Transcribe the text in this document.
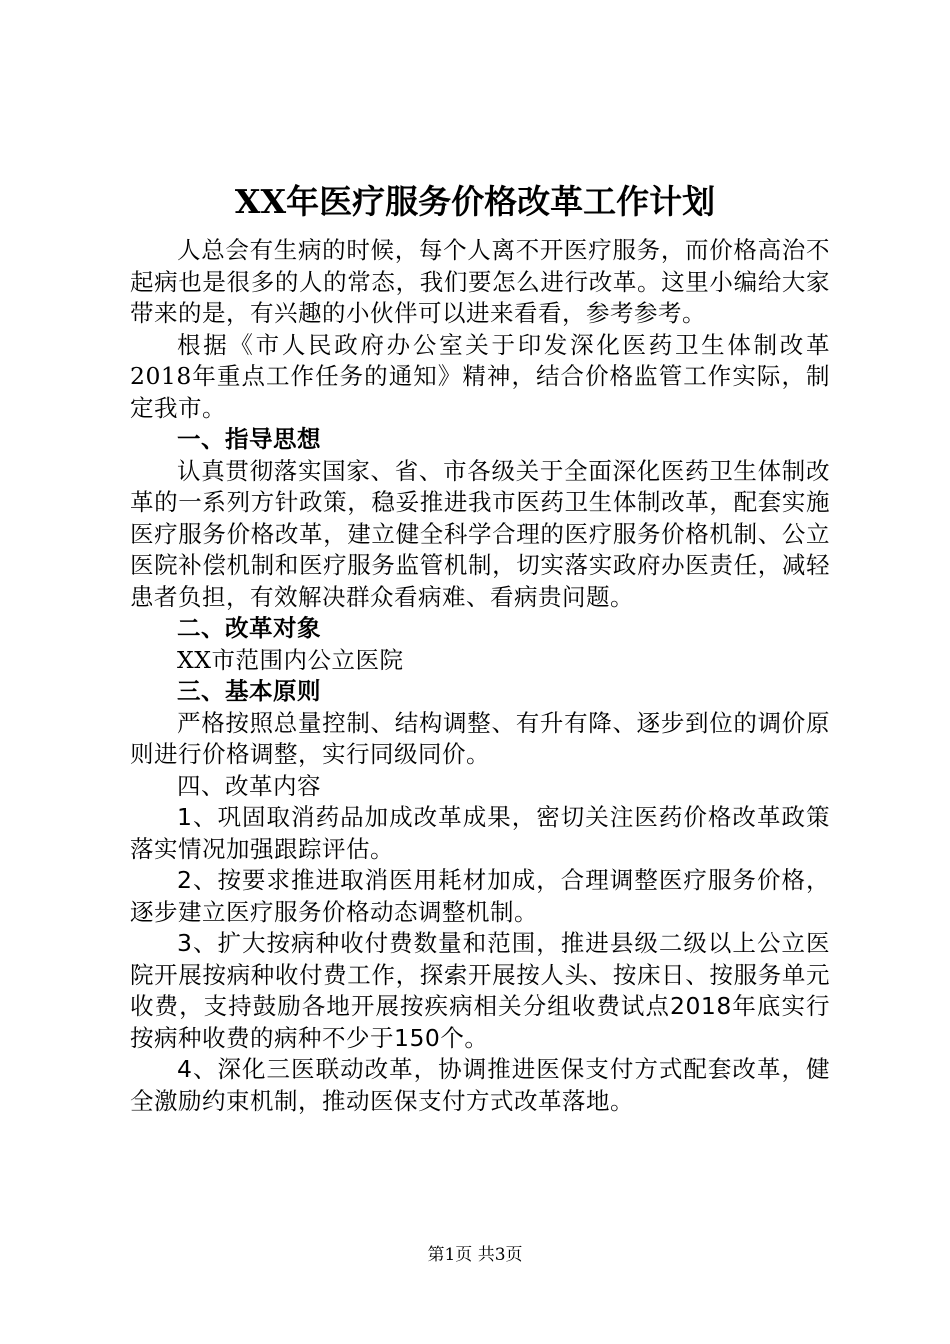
XX年医疗服务价格改革工作计划

人总会有生病的时候，每个人离不开医疗服务，而价格高治不起病也是很多的人的常态，我们要怎么进行改革。这里小编给大家带来的是，有兴趣的小伙伴可以进来看看，参考参考。

根据《市人民政府办公室关于印发深化医药卫生体制改革2018年重点工作任务的通知》精神，结合价格监管工作实际，制定我市。

一、指导思想

认真贯彻落实国家、省、市各级关于全面深化医药卫生体制改革的一系列方针政策，稳妥推进我市医药卫生体制改革，配套实施医疗服务价格改革，建立健全科学合理的医疗服务价格机制、公立医院补偿机制和医疗服务监管机制，切实落实政府办医责任，减轻患者负担，有效解决群众看病难、看病贵问题。

二、改革对象

XX市范围内公立医院

三、基本原则

严格按照总量控制、结构调整、有升有降、逐步到位的调价原则进行价格调整，实行同级同价。

四、改革内容

1、巩固取消药品加成改革成果，密切关注医药价格改革政策落实情况加强跟踪评估。

2、按要求推进取消医用耗材加成，合理调整医疗服务价格，逐步建立医疗服务价格动态调整机制。

3、扩大按病种收付费数量和范围，推进县级二级以上公立医院开展按病种收付费工作，探索开展按人头、按床日、按服务单元收费，支持鼓励各地开展按疾病相关分组收费试点2018年底实行按病种收费的病种不少于150个。

4、深化三医联动改革，协调推进医保支付方式配套改革，健全激励约束机制，推动医保支付方式改革落地。

第1页 共3页
